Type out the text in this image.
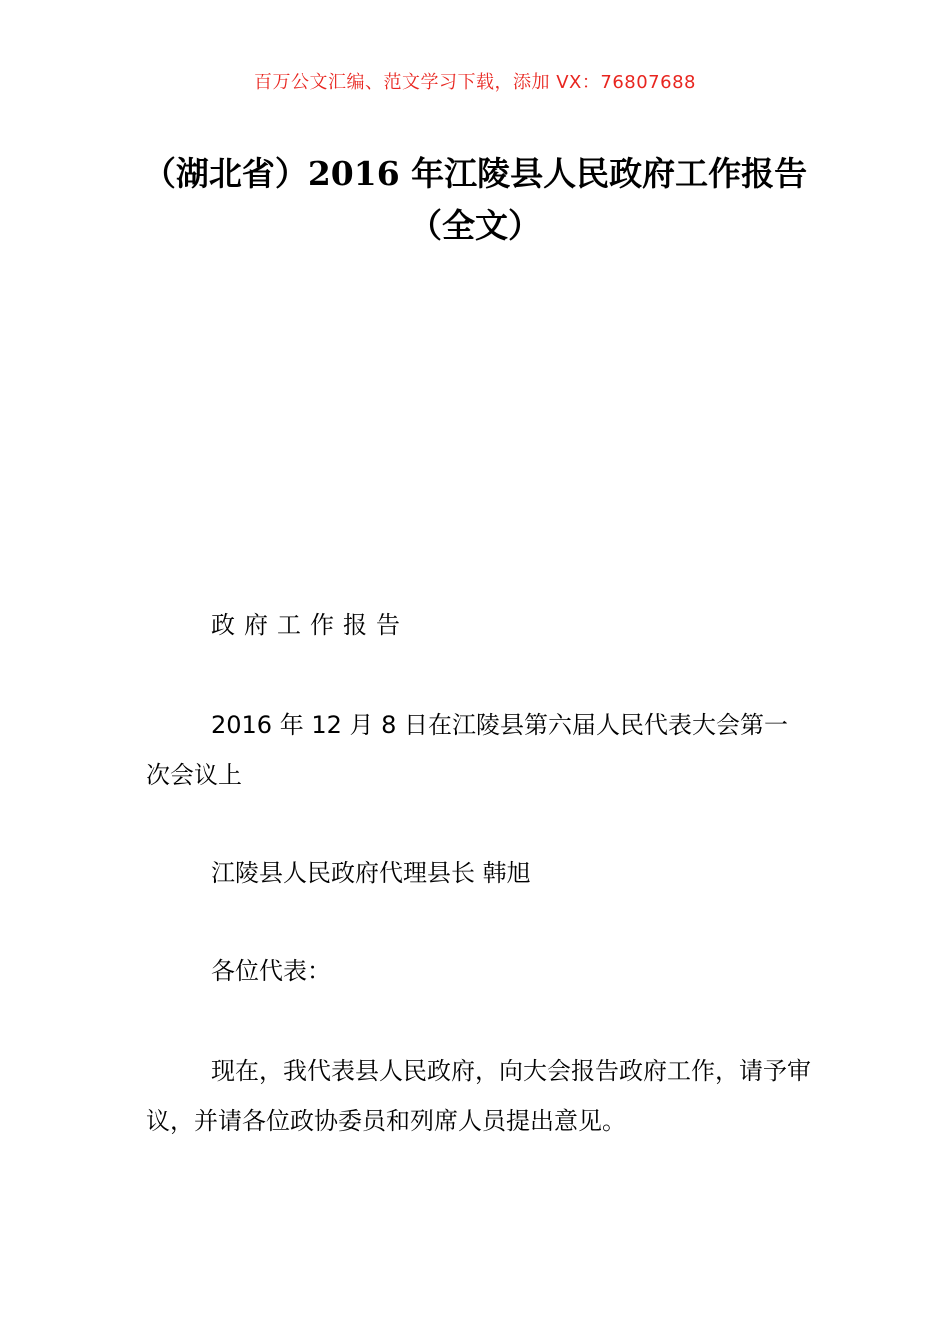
百万公文汇编、范文学习下载，添加 VX：76807688
（湖北省）2016 年江陵县人民政府工作报告（全文）

政府工作报告

2016 年 12 月 8 日在江陵县第六届人民代表大会第一次会议上

江陵县人民政府代理县长 韩旭

各位代表：

现在，我代表县人民政府，向大会报告政府工作，请予审议，并请各位政协委员和列席人员提出意见。
